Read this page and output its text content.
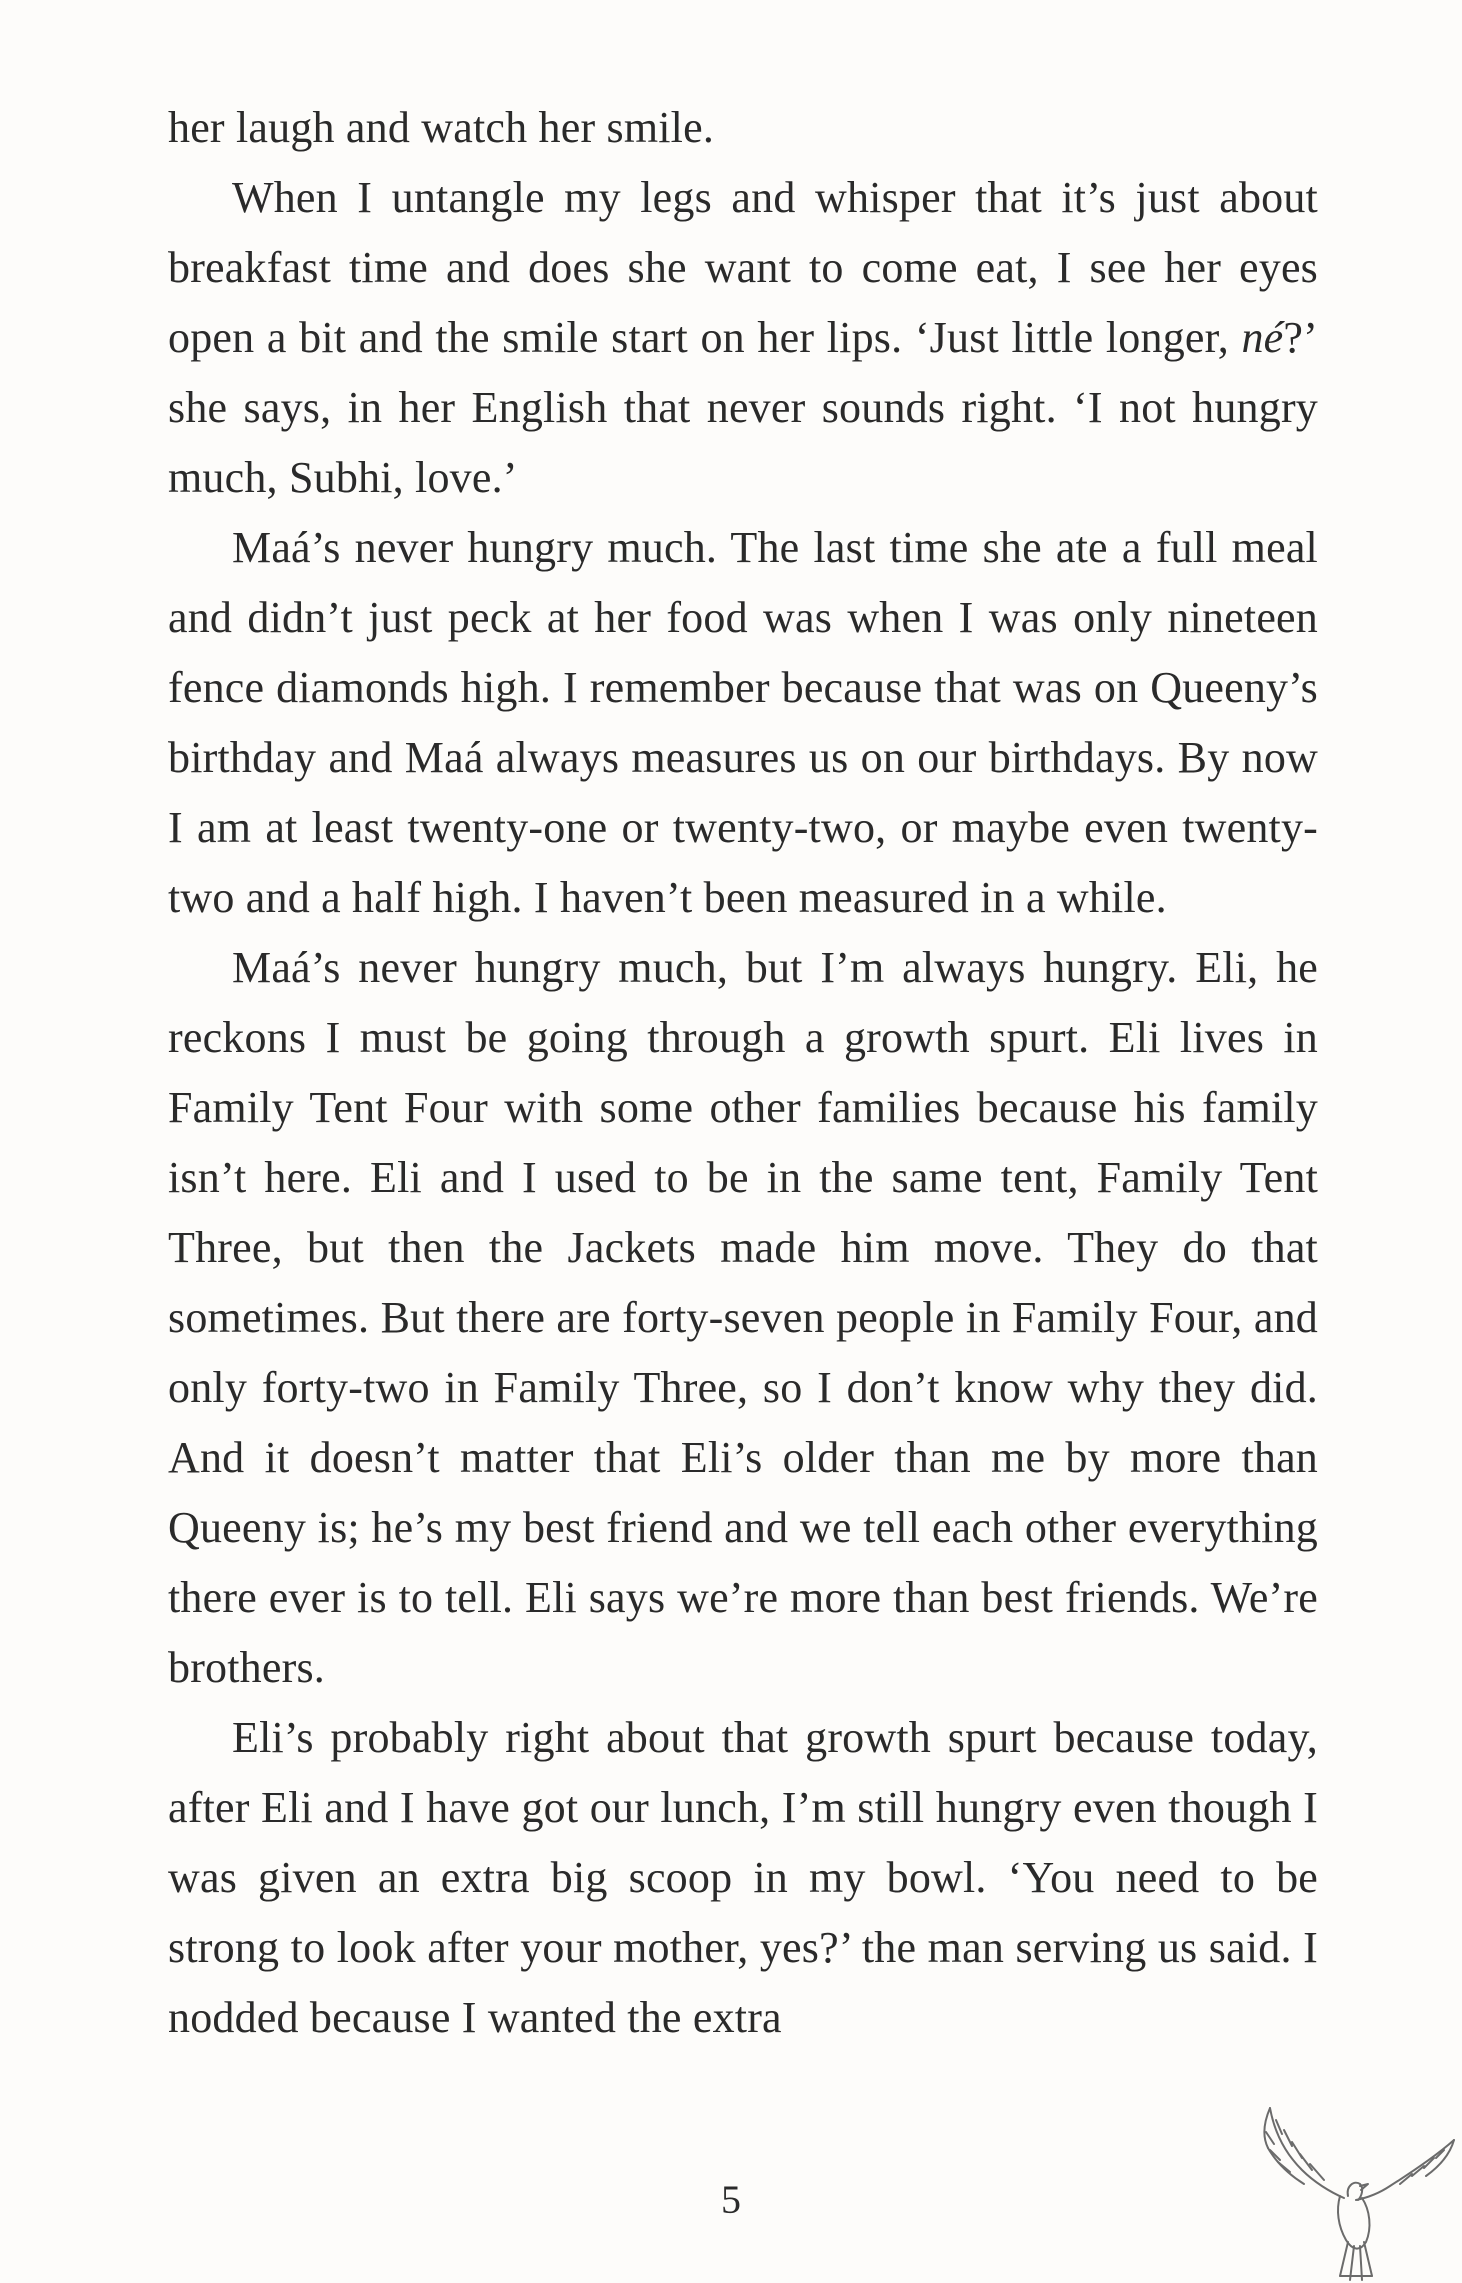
her laugh and watch her smile.

When I untangle my legs and whisper that it’s just about breakfast time and does she want to come eat, I see her eyes open a bit and the smile start on her lips. ‘Just little longer, né?’ she says, in her English that never sounds right. ‘I not hungry much, Subhi, love.’

Maá’s never hungry much. The last time she ate a full meal and didn’t just peck at her food was when I was only nineteen fence diamonds high. I remember because that was on Queeny’s birthday and Maá always measures us on our birthdays. By now I am at least twenty-one or twenty-two, or maybe even twenty-two and a half high. I haven’t been measured in a while.

Maá’s never hungry much, but I’m always hungry. Eli, he reckons I must be going through a growth spurt. Eli lives in Family Tent Four with some other families because his family isn’t here. Eli and I used to be in the same tent, Family Tent Three, but then the Jackets made him move. They do that sometimes. But there are forty-seven people in Family Four, and only forty-two in Family Three, so I don’t know why they did. And it doesn’t matter that Eli’s older than me by more than Queeny is; he’s my best friend and we tell each other everything there ever is to tell. Eli says we’re more than best friends. We’re brothers.

Eli’s probably right about that growth spurt because today, after Eli and I have got our lunch, I’m still hungry even though I was given an extra big scoop in my bowl. ‘You need to be strong to look after your mother, yes?’ the man serving us said. I nodded because I wanted the extra

5
